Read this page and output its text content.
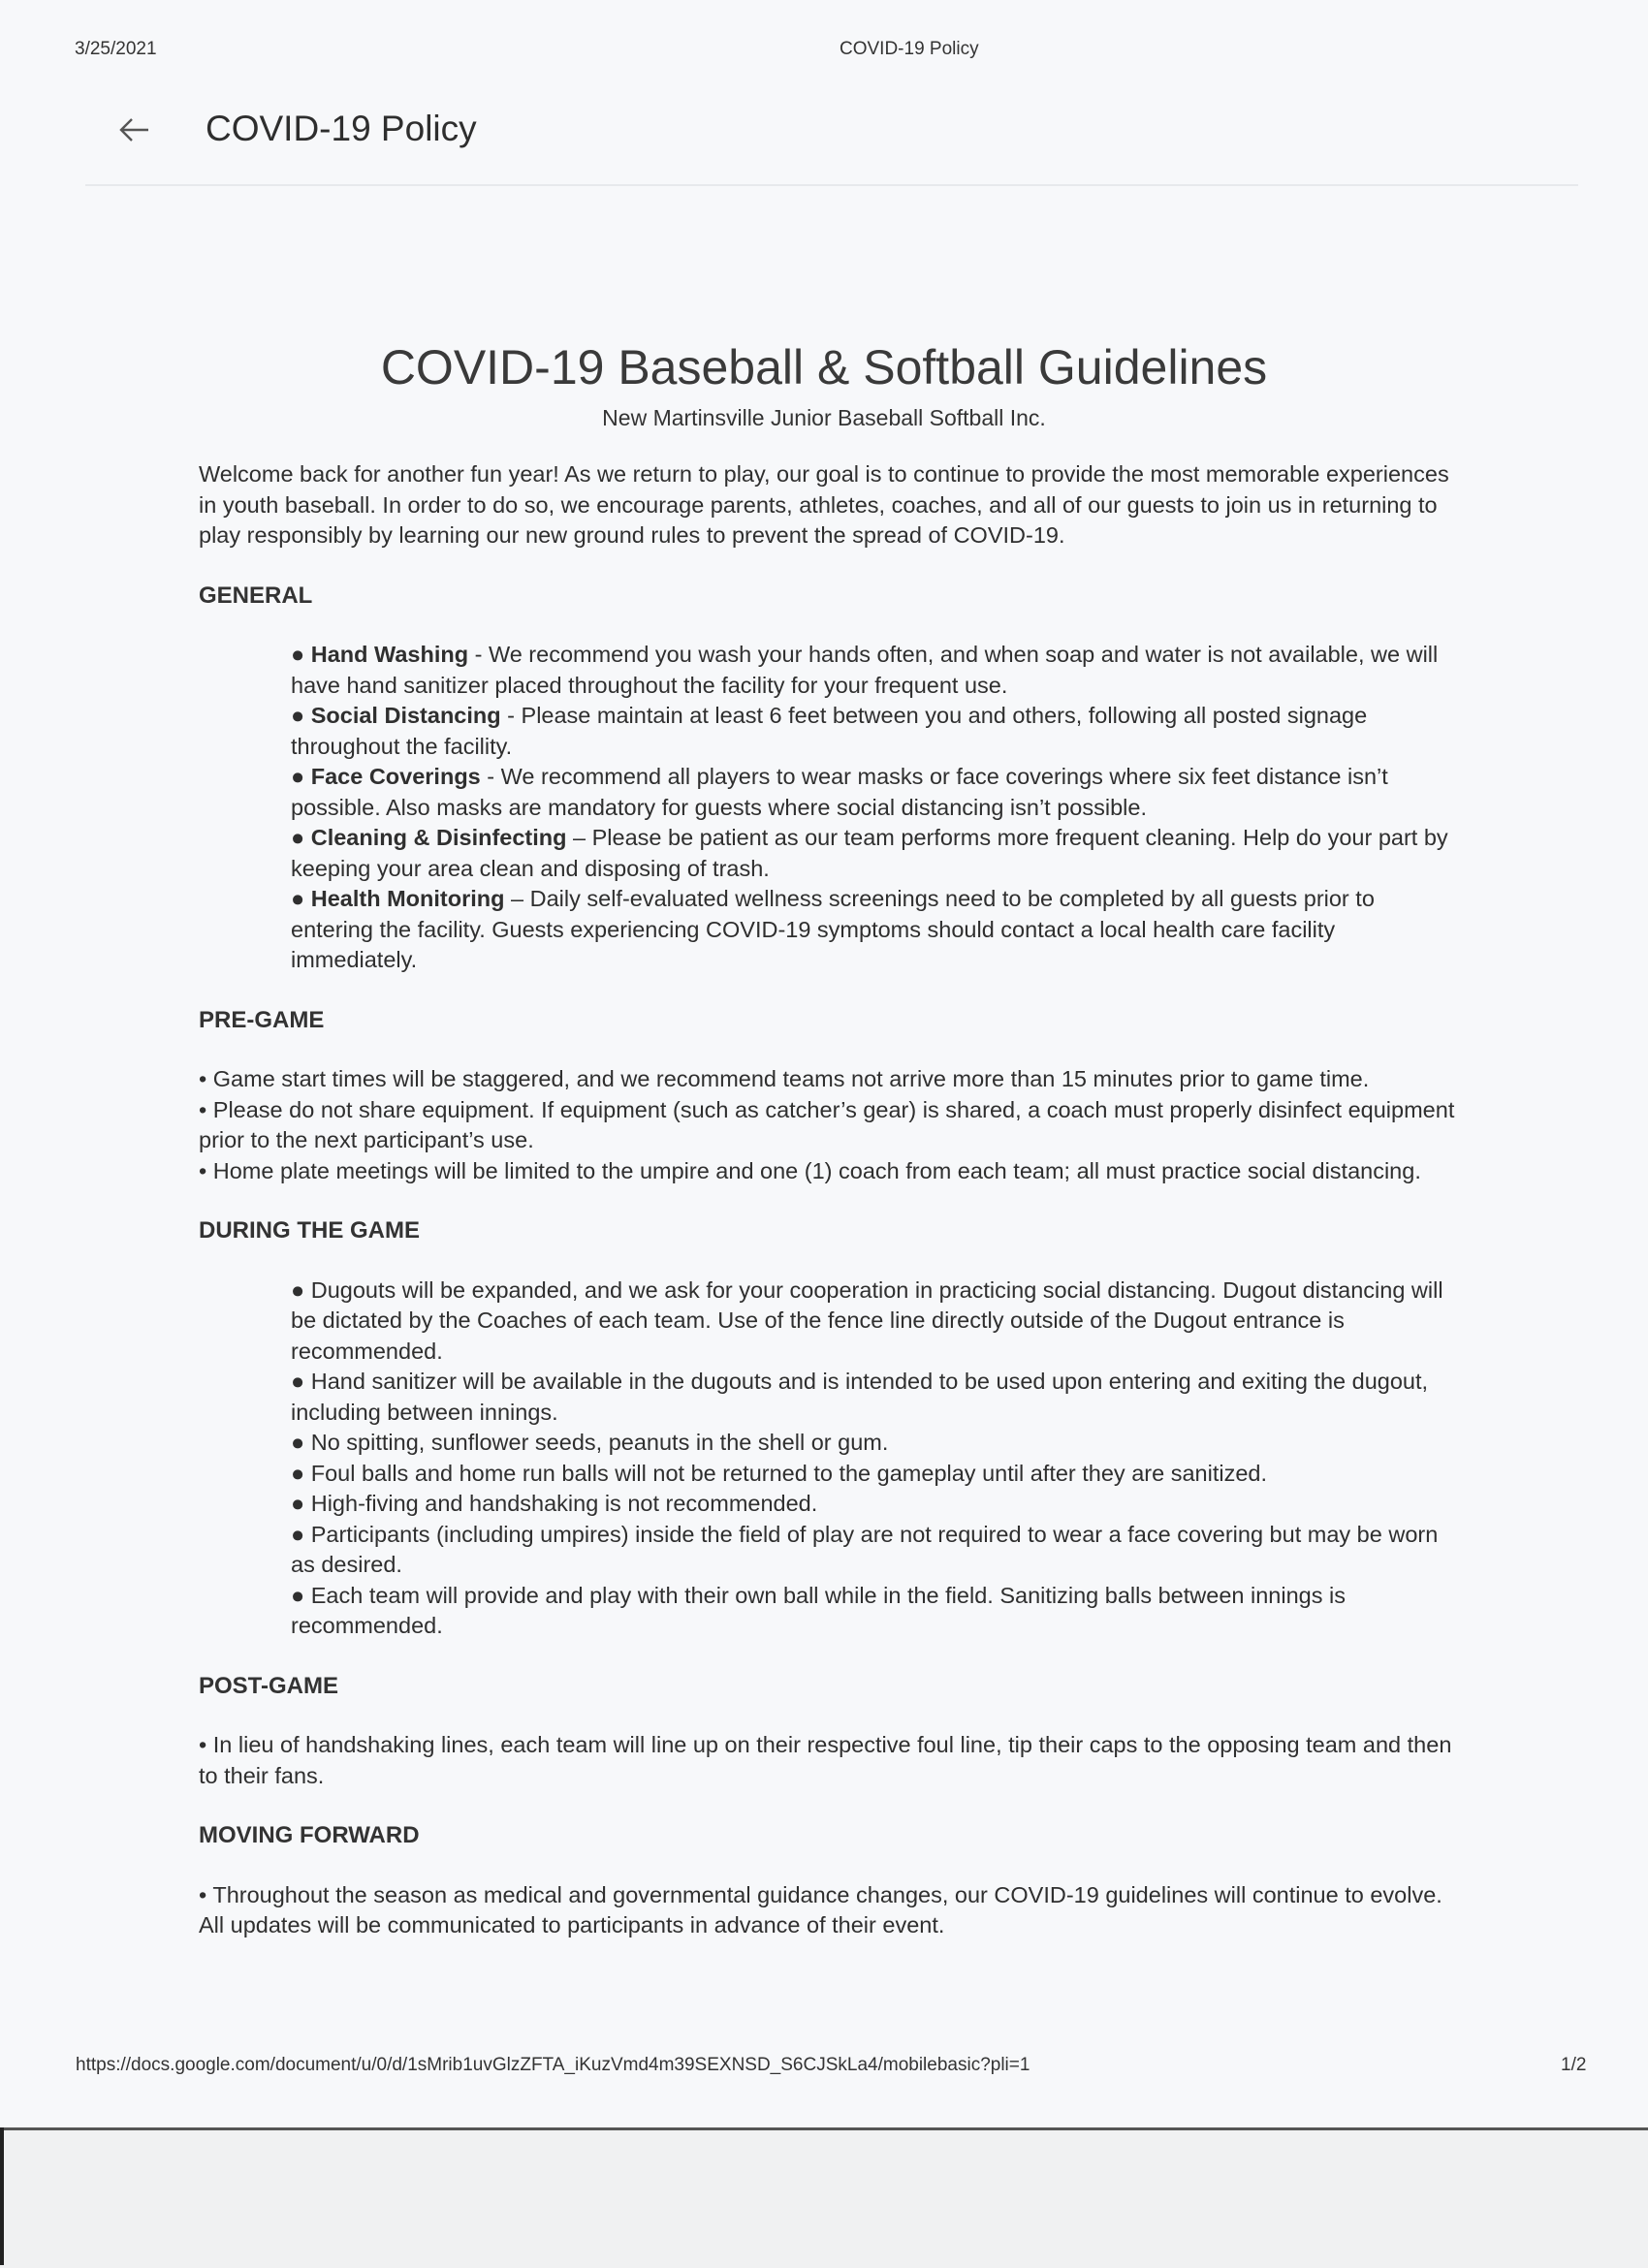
3/25/2021	COVID-19 Policy
COVID-19 Policy
COVID-19 Baseball & Softball Guidelines
New Martinsville Junior Baseball Softball Inc.

Welcome back for another fun year! As we return to play, our goal is to continue to provide the most memorable experiences in youth baseball. In order to do so, we encourage parents, athletes, coaches, and all of our guests to join us in returning to play responsibly by learning our new ground rules to prevent the spread of COVID-19.

GENERAL

● Hand Washing - We recommend you wash your hands often, and when soap and water is not available, we will have hand sanitizer placed throughout the facility for your frequent use.

● Social Distancing - Please maintain at least 6 feet between you and others, following all posted signage throughout the facility.

● Face Coverings - We recommend all players to wear masks or face coverings where six feet distance isn’t possible. Also masks are mandatory for guests where social distancing isn’t possible.

● Cleaning & Disinfecting – Please be patient as our team performs more frequent cleaning. Help do your part by keeping your area clean and disposing of trash.

● Health Monitoring – Daily self-evaluated wellness screenings need to be completed by all guests prior to entering the facility. Guests experiencing COVID-19 symptoms should contact a local health care facility immediately.

PRE-GAME

• Game start times will be staggered, and we recommend teams not arrive more than 15 minutes prior to game time.

• Please do not share equipment. If equipment (such as catcher’s gear) is shared, a coach must properly disinfect equipment prior to the next participant’s use.

• Home plate meetings will be limited to the umpire and one (1) coach from each team; all must practice social distancing.

DURING THE GAME

● Dugouts will be expanded, and we ask for your cooperation in practicing social distancing. Dugout distancing will be dictated by the Coaches of each team. Use of the fence line directly outside of the Dugout entrance is recommended.

● Hand sanitizer will be available in the dugouts and is intended to be used upon entering and exiting the dugout, including between innings.

● No spitting, sunflower seeds, peanuts in the shell or gum.

● Foul balls and home run balls will not be returned to the gameplay until after they are sanitized.

● High-fiving and handshaking is not recommended.

● Participants (including umpires) inside the field of play are not required to wear a face covering but may be worn as desired.

● Each team will provide and play with their own ball while in the field. Sanitizing balls between innings is recommended.

POST-GAME

• In lieu of handshaking lines, each team will line up on their respective foul line, tip their caps to the opposing team and then to their fans.

MOVING FORWARD

• Throughout the season as medical and governmental guidance changes, our COVID-19 guidelines will continue to evolve. All updates will be communicated to participants in advance of their event.

https://docs.google.com/document/u/0/d/1sMrib1uvGlzZFTA_iKuzVmd4m39SEXNSD_S6CJSkLa4/mobilebasic?pli=1	1/2
